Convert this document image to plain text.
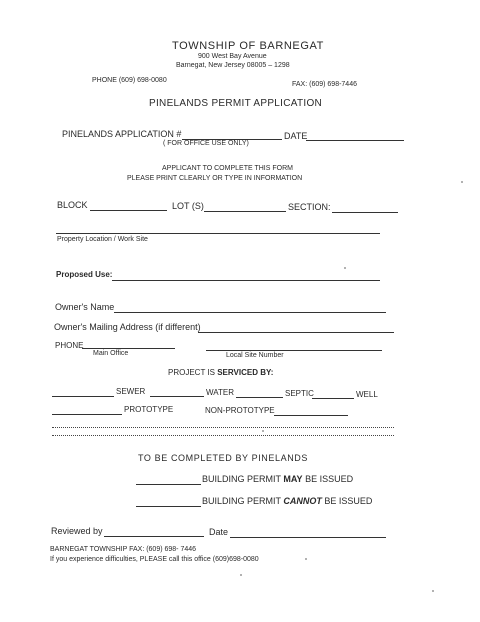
TOWNSHIP OF BARNEGAT
900 West Bay Avenue
Barnegat, New Jersey 08005 – 1298
PHONE (609) 698-0080
FAX: (609) 698-7446
PINELANDS PERMIT APPLICATION
PINELANDS APPLICATION #
( FOR OFFICE USE ONLY)
DATE
APPLICANT TO COMPLETE THIS FORM
PLEASE PRINT CLEARLY OR TYPE IN INFORMATION
BLOCK	LOT (S)	SECTION:
Property Location / Work Site
Proposed Use:
Owner's Name
Owner's Mailing Address (if different)
PHONE
Main Office	Local Site Number
PROJECT IS SERVICED BY:
SEWER	WATER	SEPTIC	WELL
PROTOTYPE	NON-PROTOTYPE
TO BE COMPLETED BY PINELANDS
BUILDING PERMIT MAY BE ISSUED
BUILDING PERMIT CANNOT BE ISSUED
Reviewed by	Date
BARNEGAT TOWNSHIP FAX: (609) 698- 7446
If you experience difficulties, PLEASE call this office (609)698-0080
